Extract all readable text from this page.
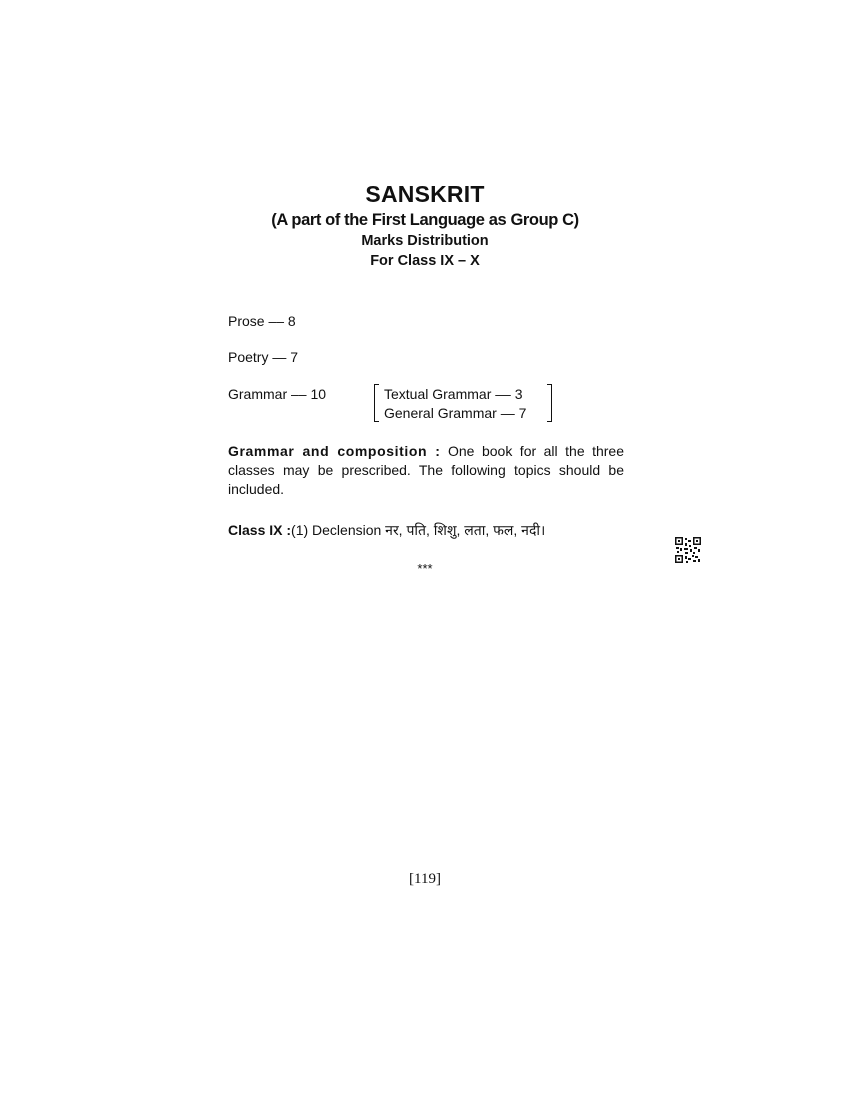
SANSKRIT
(A part of the First Language as Group C)
Marks Distribution
For Class IX – X
Prose –– 8
Poetry — 7
Grammar –– 10	Textual Grammar –– 3
General Grammar — 7
Grammar and composition : One book for all the three classes may be prescribed. The following topics should be included.
Class IX :(1) Declension नर, पति, शिशु, लता, फल, नदी।
***
[119]
